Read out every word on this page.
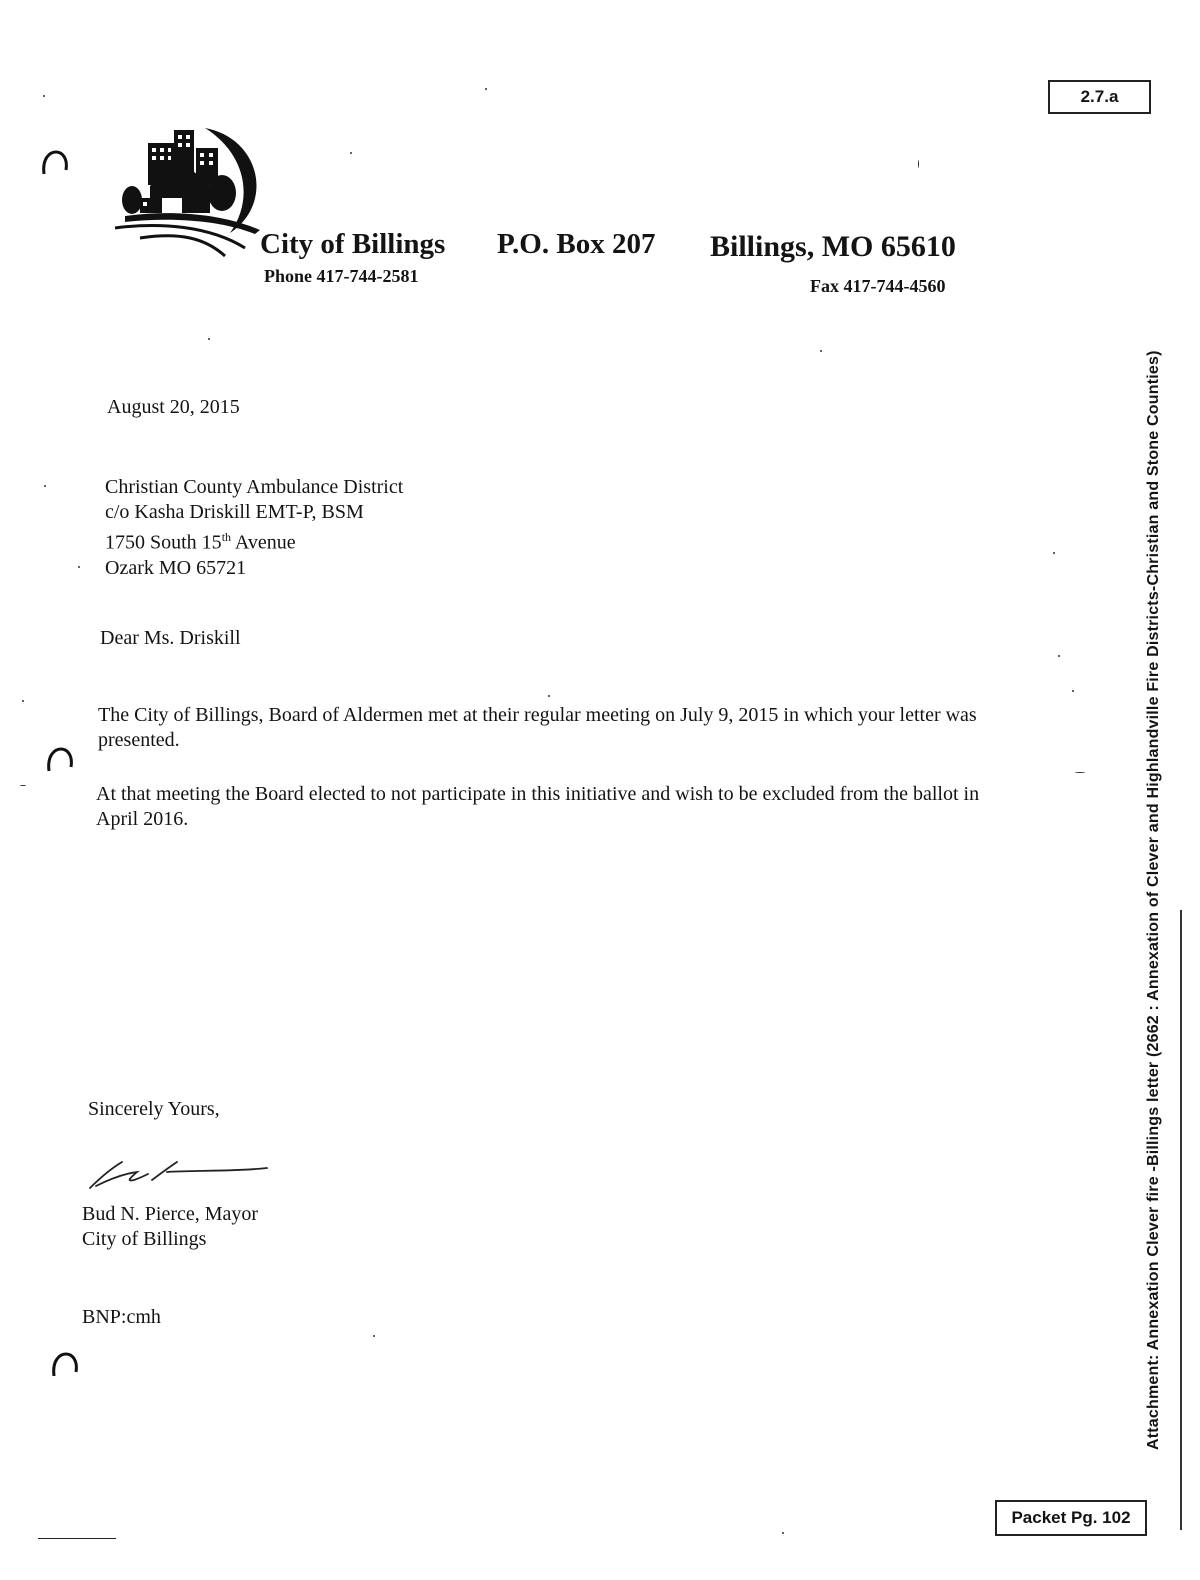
2.7.a
Attachment: Annexation Clever fire -Billings letter (2662 : Annexation of Clever and Highlandville Fire Districts-Christian and Stone Counties)
City of Billings P.O. Box 207 Billings, MO 65610
Phone 417-744-2581	Fax 417-744-4560
August 20, 2015
Christian County Ambulance District
c/o Kasha Driskill EMT-P, BSM
1750 South 15th Avenue
Ozark MO 65721
Dear Ms. Driskill
The City of Billings, Board of Aldermen met at their regular meeting on July 9, 2015 in which your letter was presented.
At that meeting the Board elected to not participate in this initiative and wish to be excluded from the ballot in April 2016.
Sincerely Yours,
Bud N. Pierce, Mayor
City of Billings
BNP:cmh
Packet Pg. 102
